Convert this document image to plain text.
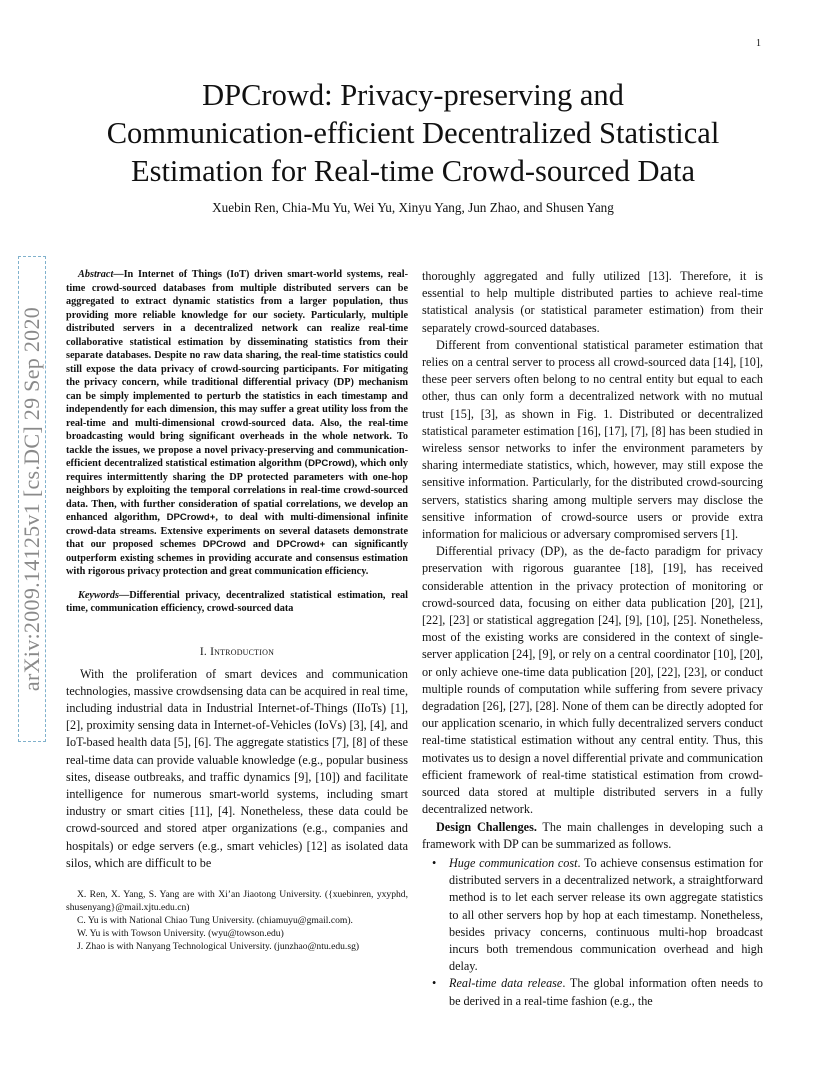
1
DPCrowd: Privacy-preserving and
Communication-efficient Decentralized Statistical
Estimation for Real-time Crowd-sourced Data

Xuebin Ren, Chia-Mu Yu, Wei Yu, Xinyu Yang, Jun Zhao, and Shusen Yang

arXiv:2009.14125v1 [cs.DC] 29 Sep 2020

Abstract—In Internet of Things (IoT) driven smart-world systems, real-time crowd-sourced databases from multiple distributed servers can be aggregated to extract dynamic statistics from a larger population, thus providing more reliable knowledge for our society. Particularly, multiple distributed servers in a decentralized network can realize real-time collaborative statistical estimation by disseminating statistics from their separate databases. Despite no raw data sharing, the real-time statistics could still expose the data privacy of crowd-sourcing participants. For mitigating the privacy concern, while traditional differential privacy (DP) mechanism can be simply implemented to perturb the statistics in each timestamp and independently for each dimension, this may suffer a great utility loss from the real-time and multi-dimensional crowd-sourced data. Also, the real-time broadcasting would bring significant overheads in the whole network. To tackle the issues, we propose a novel privacy-preserving and communication-efficient decentralized statistical estimation algorithm (DPCrowd), which only requires intermittently sharing the DP protected parameters with one-hop neighbors by exploiting the temporal correlations in real-time crowd-sourced data. Then, with further consideration of spatial correlations, we develop an enhanced algorithm, DPCrowd+, to deal with multi-dimensional infinite crowd-data streams. Extensive experiments on several datasets demonstrate that our proposed schemes DPCrowd and DPCrowd+ can significantly outperform existing schemes in providing accurate and consensus estimation with rigorous privacy protection and great communication efficiency.

Keywords—Differential privacy, decentralized statistical estimation, real time, communication efficiency, crowd-sourced data

I. Introduction

With the proliferation of smart devices and communication technologies, massive crowdsensing data can be acquired in real time, including industrial data in Industrial Internet-of-Things (IIoTs) [1], [2], proximity sensing data in Internet-of-Vehicles (IoVs) [3], [4], and IoT-based health data [5], [6]. The aggregate statistics [7], [8] of these real-time data can provide valuable knowledge (e.g., popular business sites, disease outbreaks, and traffic dynamics [9], [10]) and facilitate intelligence for numerous smart-world systems, including smart industry or smart cities [11], [4]. Nonetheless, these data could be crowd-sourced and stored atper organizations (e.g., companies and hospitals) or edge servers (e.g., smart vehicles) [12] as isolated data silos, which are difficult to be

X. Ren, X. Yang, S. Yang are with Xi’an Jiaotong University. ({xuebinren, yxyphd, shusenyang}@mail.xjtu.edu.cn)

C. Yu is with National Chiao Tung University. (chiamuyu@gmail.com).

W. Yu is with Towson University. (wyu@towson.edu)

J. Zhao is with Nanyang Technological University. (junzhao@ntu.edu.sg)

thoroughly aggregated and fully utilized [13]. Therefore, it is essential to help multiple distributed parties to achieve real-time statistical analysis (or statistical parameter estimation) from their separately crowd-sourced databases.

Different from conventional statistical parameter estimation that relies on a central server to process all crowd-sourced data [14], [10], these peer servers often belong to no central entity but equal to each other, thus can only form a decentralized network with no mutual trust [15], [3], as shown in Fig. 1. Distributed or decentralized statistical parameter estimation [16], [17], [7], [8] has been studied in wireless sensor networks to infer the environment parameters by sharing intermediate statistics, which, however, may still expose the sensitive information. Particularly, for the distributed crowd-sourcing servers, statistics sharing among multiple servers may disclose the sensitive information of crowd-source users or provide extra information for malicious or adversary compromised servers [1].

Differential privacy (DP), as the de-facto paradigm for privacy preservation with rigorous guarantee [18], [19], has received considerable attention in the privacy protection of monitoring or crowd-sourced data, focusing on either data publication [20], [21], [22], [23] or statistical aggregation [24], [9], [10], [25]. Nonetheless, most of the existing works are considered in the context of single-server application [24], [9], or rely on a central coordinator [10], [20], or only achieve one-time data publication [20], [22], [23], or conduct multiple rounds of computation while suffering from severe privacy degradation [26], [27], [28]. None of them can be directly adopted for our application scenario, in which fully decentralized servers conduct real-time statistical estimation without any central entity. Thus, this motivates us to design a novel differential private and communication efficient framework of real-time statistical estimation from crowd-sourced data stored at multiple distributed servers in a fully decentralized network.

Design Challenges. The main challenges in developing such a framework with DP can be summarized as follows.

• Huge communication cost. To achieve consensus estimation for distributed servers in a decentralized network, a straightforward method is to let each server release its own aggregate statistics to all other servers hop by hop at each timestamp. Nonetheless, besides privacy concerns, continuous multi-hop broadcast incurs both tremendous communication overhead and high delay.
• Real-time data release. The global information often needs to be derived in a real-time fashion (e.g., the
